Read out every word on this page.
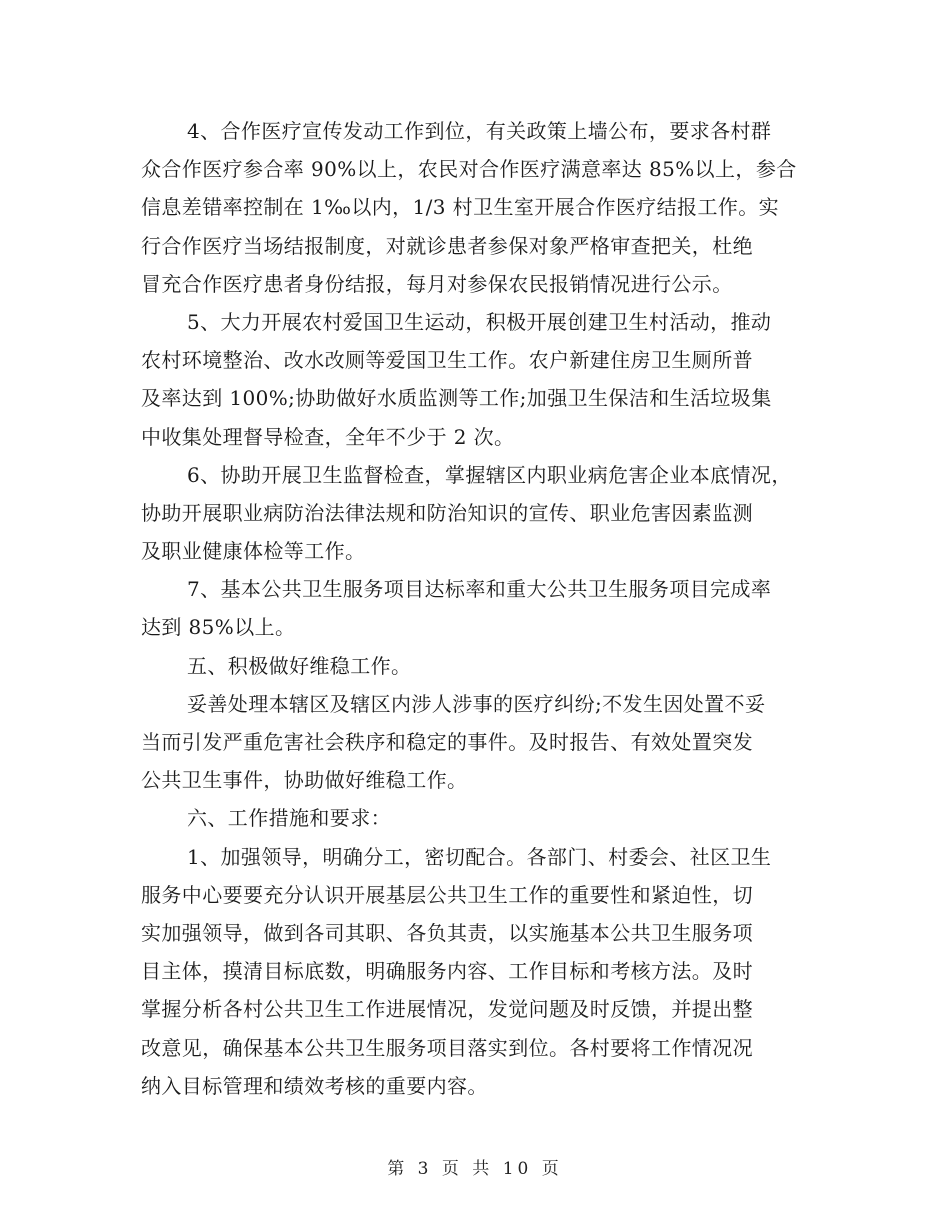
4、合作医疗宣传发动工作到位，有关政策上墙公布，要求各村群
众合作医疗参合率 90%以上，农民对合作医疗满意率达 85%以上，参合
信息差错率控制在 1‰以内，1/3 村卫生室开展合作医疗结报工作。实
行合作医疗当场结报制度，对就诊患者参保对象严格审查把关，杜绝
冒充合作医疗患者身份结报，每月对参保农民报销情况进行公示。
5、大力开展农村爱国卫生运动，积极开展创建卫生村活动，推动
农村环境整治、改水改厕等爱国卫生工作。农户新建住房卫生厕所普
及率达到 100%;协助做好水质监测等工作;加强卫生保洁和生活垃圾集
中收集处理督导检查，全年不少于 2 次。
6、协助开展卫生监督检查，掌握辖区内职业病危害企业本底情况，
协助开展职业病防治法律法规和防治知识的宣传、职业危害因素监测
及职业健康体检等工作。
7、基本公共卫生服务项目达标率和重大公共卫生服务项目完成率
达到 85%以上。
五、积极做好维稳工作。
妥善处理本辖区及辖区内涉人涉事的医疗纠纷;不发生因处置不妥
当而引发严重危害社会秩序和稳定的事件。及时报告、有效处置突发
公共卫生事件，协助做好维稳工作。
六、工作措施和要求：
1、加强领导，明确分工，密切配合。各部门、村委会、社区卫生
服务中心要要充分认识开展基层公共卫生工作的重要性和紧迫性，切
实加强领导，做到各司其职、各负其责，以实施基本公共卫生服务项
目主体，摸清目标底数，明确服务内容、工作目标和考核方法。及时
掌握分析各村公共卫生工作进展情况，发觉问题及时反馈，并提出整
改意见，确保基本公共卫生服务项目落实到位。各村要将工作情况况
纳入目标管理和绩效考核的重要内容。
第 3 页 共 10 页
